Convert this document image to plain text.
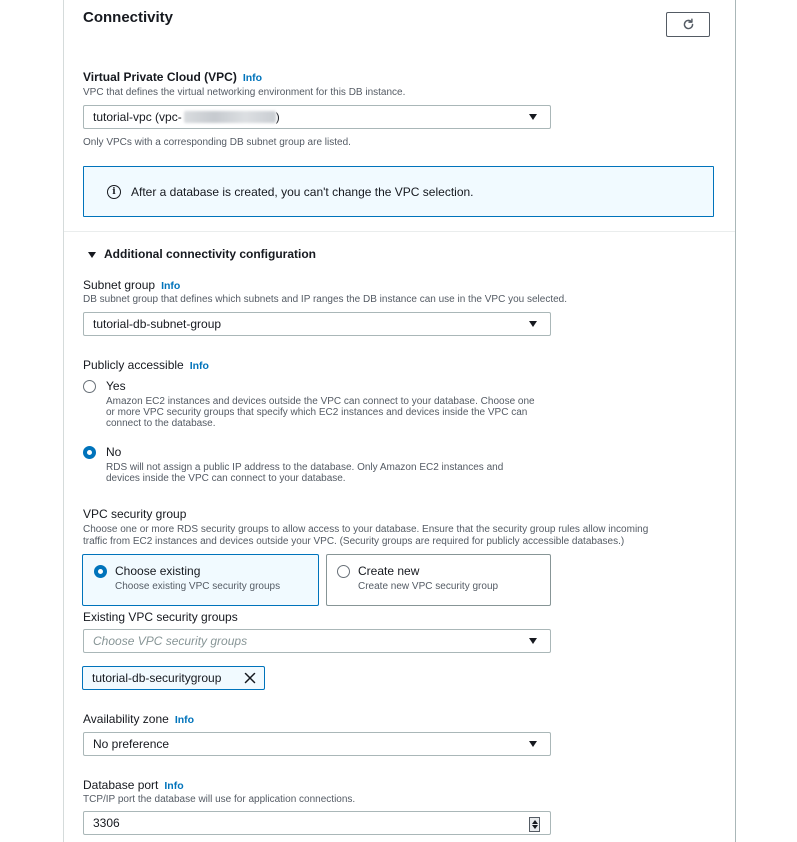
Connectivity
Virtual Private Cloud (VPC) Info
VPC that defines the virtual networking environment for this DB instance.
tutorial-vpc (vpc-	)
Only VPCs with a corresponding DB subnet group are listed.
i	After a database is created, you can't change the VPC selection.
Additional connectivity configuration
Subnet group Info
DB subnet group that defines which subnets and IP ranges the DB instance can use in the VPC you selected.
tutorial-db-subnet-group
Publicly accessible Info
Yes
Amazon EC2 instances and devices outside the VPC can connect to your database. Choose one
or more VPC security groups that specify which EC2 instances and devices inside the VPC can
connect to the database.
No
RDS will not assign a public IP address to the database. Only Amazon EC2 instances and
devices inside the VPC can connect to your database.
VPC security group
Choose one or more RDS security groups to allow access to your database. Ensure that the security group rules allow incoming
traffic from EC2 instances and devices outside your VPC. (Security groups are required for publicly accessible databases.)
Choose existing
Choose existing VPC security groups
Create new
Create new VPC security group
Existing VPC security groups
Choose VPC security groups
tutorial-db-securitygroup
Availability zone Info
No preference
Database port Info
TCP/IP port the database will use for application connections.
3306
